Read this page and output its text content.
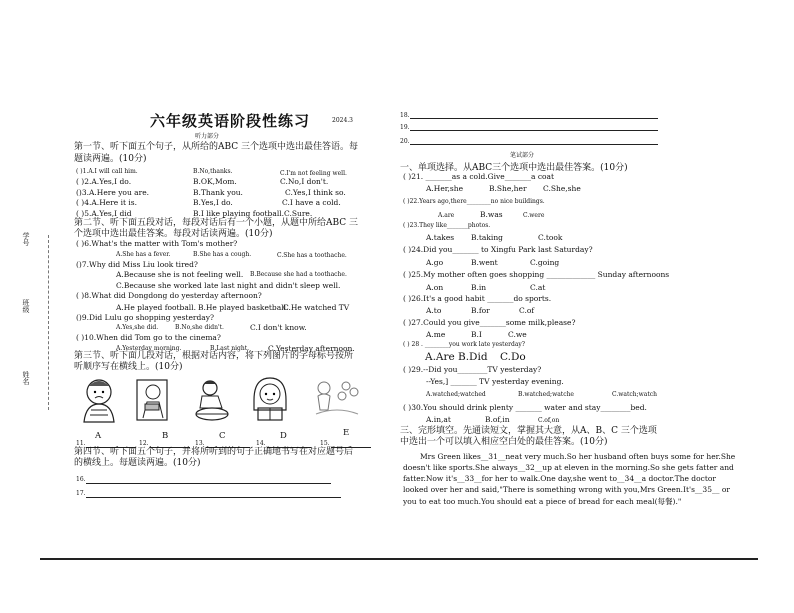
学号
班级
姓名
六年级英语阶段性练习	2024.3
听力部分
第一节、听下面五个句子，从所给的ABC 三个选项中选出最佳答语。每题读两遍。(10分)
( )1.A.I will call him.	B.No,thanks.	C.I'm not feeling well.
( )2.A.Yes,I do.	B.OK,Mom.	C.No,I don't.
()3.A.Here you are.	B.Thank you.	C.Yes,I think so.
( )4.A.Here it is.	B.Yes,I do.	C.I have a cold.
( )5.A.Yes,I did	B.I like playing football.C.Sure.
第二节、听下面五段对话，每段对话后有一个小题，从题中所给ABC 三个选项中选出最佳答案。每段对话读两遍。(10分)
( )6.What's the matter with Tom's mother?
A.She has a fever.	B.She has a cough.	C.She has a toothache.
()7.Why did Miss Liu look tired?
A.Because she is not feeling well. B.Because she had a toothache.
C.Because she worked late last night and didn't sleep well.
( )8.What did Dongdong do yesterday afternoon?
A.He played football. B.He played basketball.
C.He watched TV
()9.Did Lulu go shopping yesterday?
A.Yes,she did.	B.No,she didn't.	C.I don't know.
( )10.When did Tom go to the cinema?
A.Yesterday morning.	B.Last night.	C.Yesterday afternoon.
第三节、听下面几段对话，根据对话内容，将下列图片的字母标号按所听顺序写在横线上。(10分)
A	B	C	D	E
11.	12.	13.	14.	15.
第四节、听下面五个句子，并将所听到的句子正确地书写在对应题号后的横线上。每题读两遍。(10分)
16.
17.
18.
19.
20.
笔试部分
一、单项选择。从ABC三个选项中选出最佳答案。(10分)
( )21. _______as a cold.Give_______a coat
A.Her,she	B.She,her C.She,she
( )22.Years ago,there________no nice buildings.
A.are	B.was	C.were
( )23.They like_______photos.
A.takes B.taking	C.took
( )24.Did you_______ to Xingfu Park last Saturday?
A.go	B.went	C.going
( )25.My mother often goes shopping _____________ Sunday afternoons
A.on	B.in	C.at
( )26.It's a good habit _______do sports.
A.to	B.for	C.of
( )27.Could you give_______some milk,please?
A.me	B.I	C.we
( ) 28 . ________you work late yesterday?
A.Are B.Did C.Do
( )29.--Did you________TV yesterday?
--Yes,] _______ TV yesterday evening.
A.watched;watched	B.watched;watche	C.watch;watch
( )30.You should drink plenty _______ water and stay________bed.
A.in,at	B.of,in	C.of,on
三、完形填空。先通读短文，掌握其大意，从A、B、C 三个选项中选出一个可以填入相应空白处的最佳答案。(10分)
Mrs Green likes__31__neat very much.So her husband often buys some for her.She
doesn't like sports.She always__32__up at eleven in the morning.So she gets fatter and
fatter.Now it's__33__for her to walk.One day,she went to__34__a doctor.The doctor
looked over her and said,"There is something wrong with you,Mrs Green.It's__35__ or
you to eat too much.You should eat a piece of bread for each meal(每餐)."
